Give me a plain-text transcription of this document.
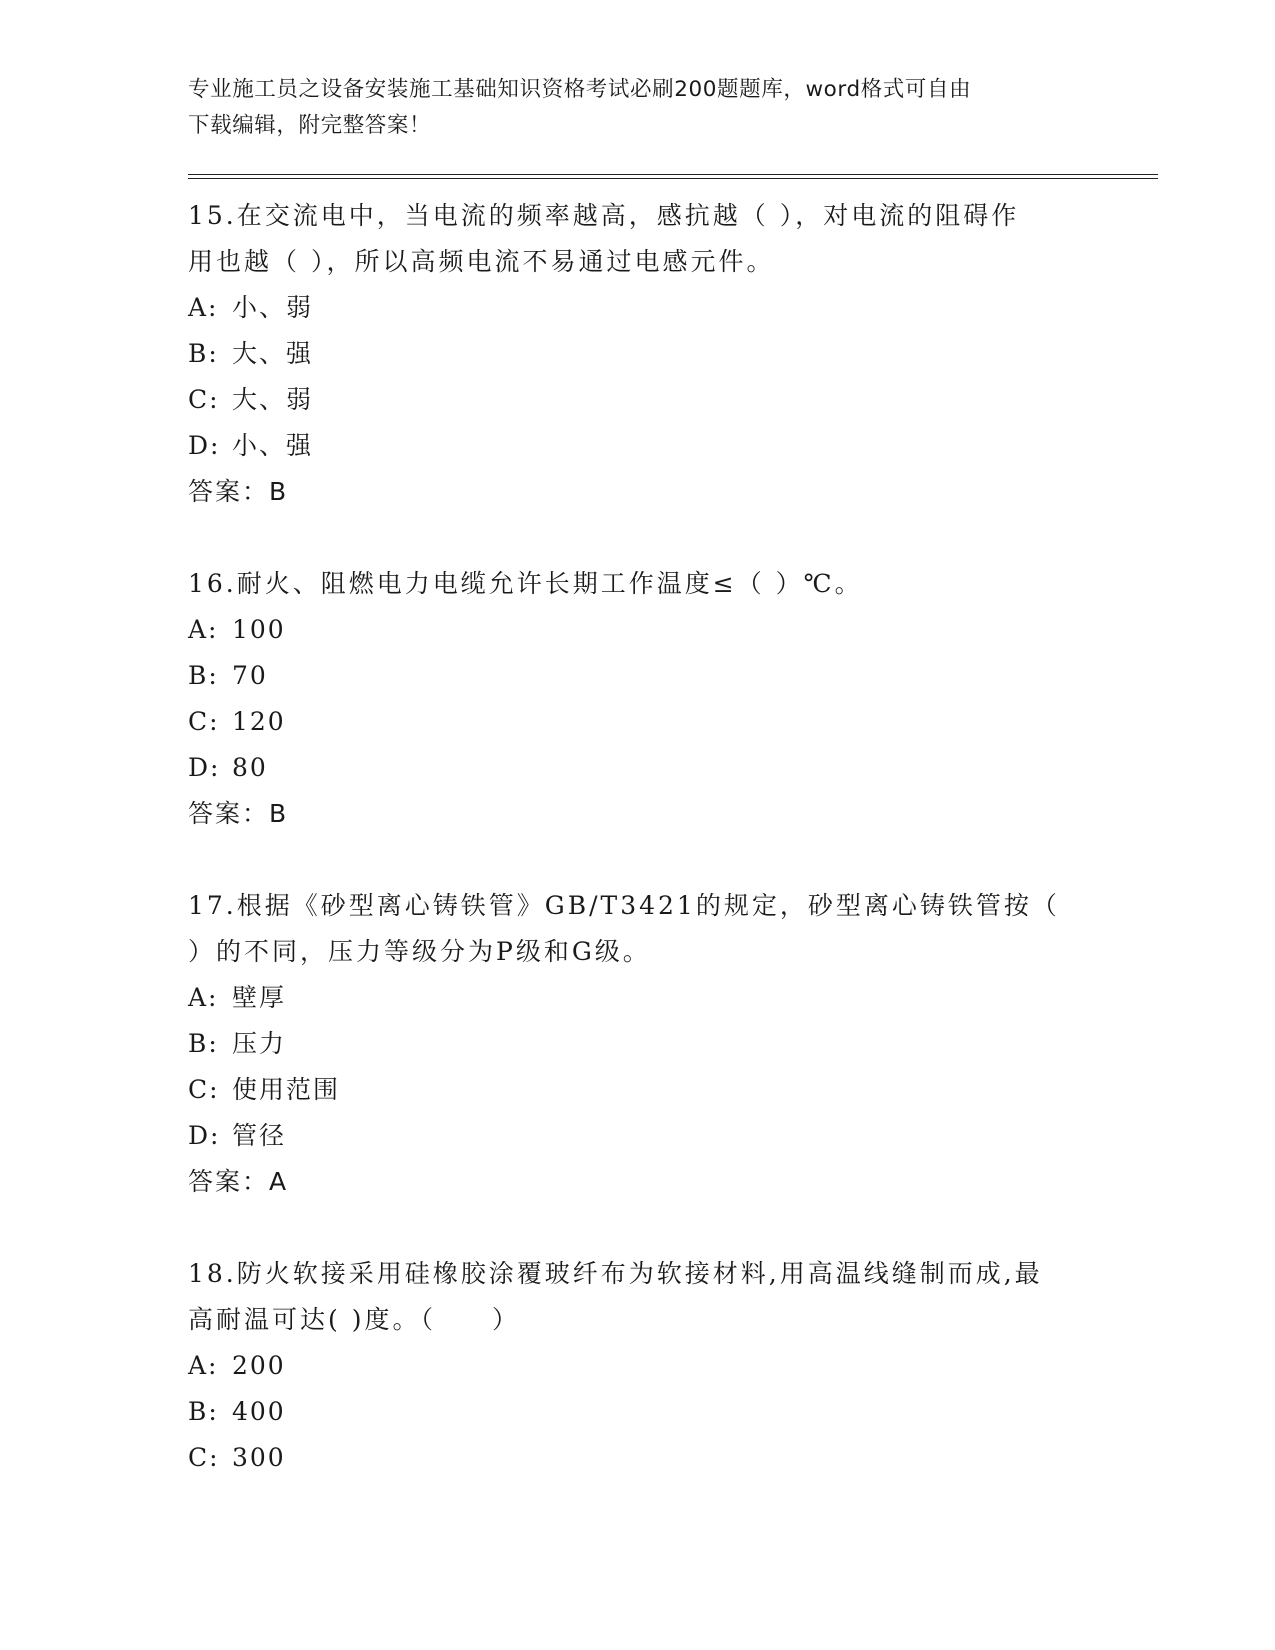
专业施工员之设备安装施工基础知识资格考试必刷200题题库，word格式可自由
下载编辑，附完整答案！
15.在交流电中，当电流的频率越高，感抗越（ ），对电流的阻碍作
用也越（ ），所以高频电流不易通过电感元件。
A: 小、弱
B: 大、强
C: 大、弱
D: 小、强
答案：B
16.耐火、阻燃电力电缆允许长期工作温度≤（ ）℃。
A: 100
B: 70
C: 120
D: 80
答案：B
17.根据《砂型离心铸铁管》GB/T3421的规定，砂型离心铸铁管按（
）的不同，压力等级分为P级和G级。
A: 壁厚
B: 压力
C: 使用范围
D: 管径
答案：A
18.防火软接采用硅橡胶涂覆玻纤布为软接材料,用高温线缝制而成,最
高耐温可达( )度。（　　）
A: 200
B: 400
C: 300
